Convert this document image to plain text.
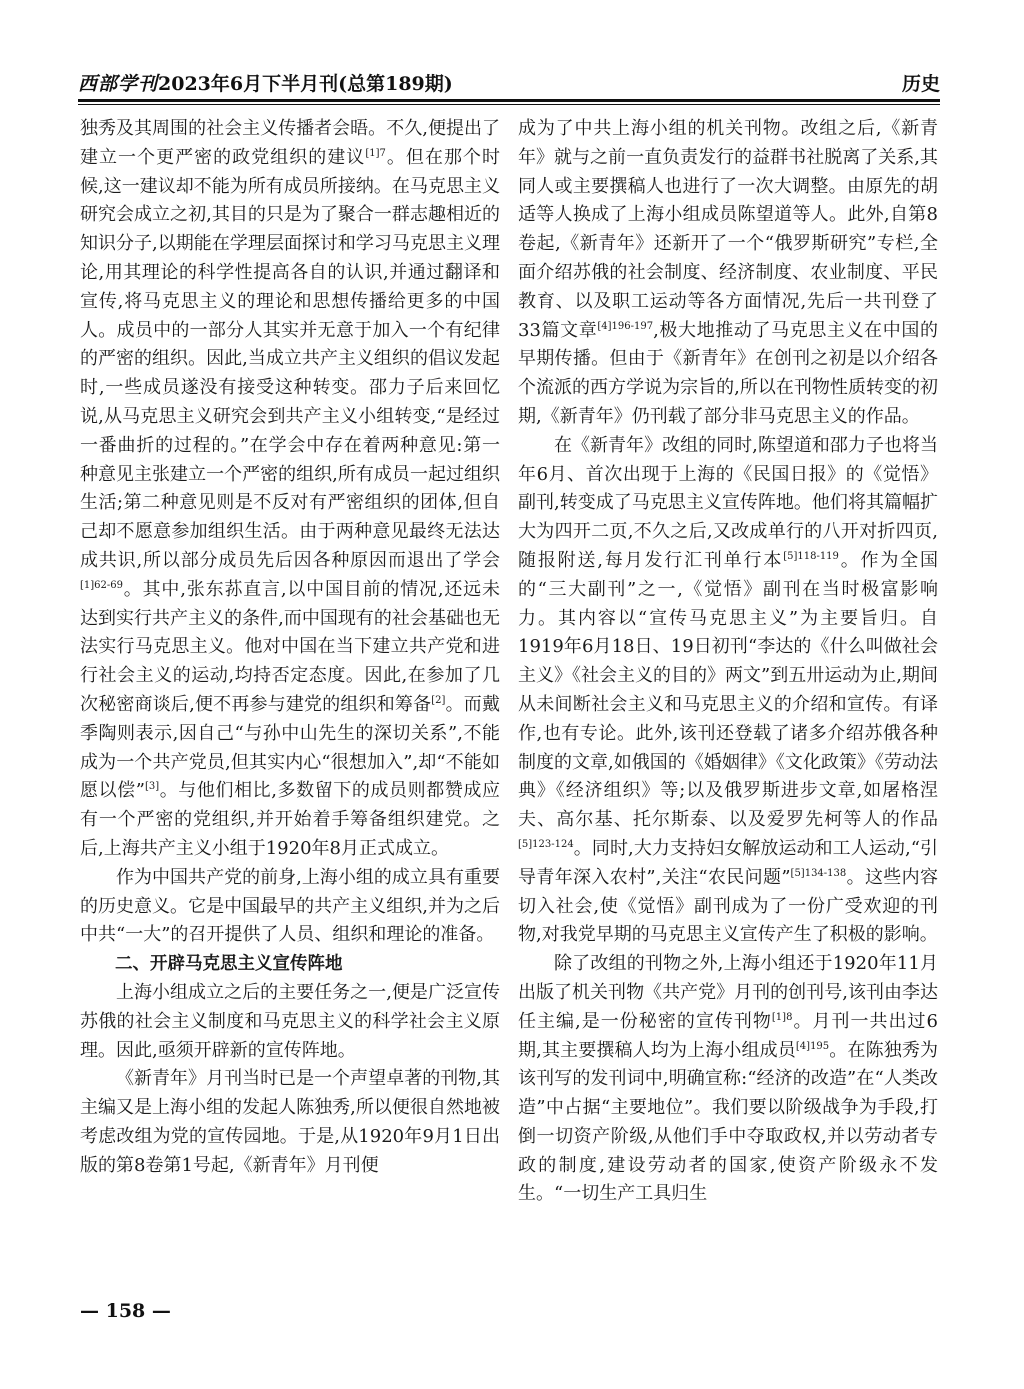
西部学刊2023年6月下半月刊(总第189期)	历史

独秀及其周围的社会主义传播者会晤。不久,便提出了建立一个更严密的政党组织的建议$^{[1]7}$。但在那个时候,这一建议却不能为所有成员所接纳。在马克思主义研究会成立之初,其目的只是为了聚合一群志趣相近的知识分子,以期能在学理层面探讨和学习马克思主义理论,用其理论的科学性提高各自的认识,并通过翻译和宣传,将马克思主义的理论和思想传播给更多的中国人。成员中的一部分人其实并无意于加入一个有纪律的严密的组织。因此,当成立共产主义组织的倡议发起时,一些成员遂没有接受这种转变。邵力子后来回忆说,从马克思主义研究会到共产主义小组转变,“是经过一番曲折的过程的。”在学会中存在着两种意见:第一种意见主张建立一个严密的组织,所有成员一起过组织生活;第二种意见则是不反对有严密组织的团体,但自己却不愿意参加组织生活。由于两种意见最终无法达成共识,所以部分成员先后因各种原因而退出了学会$^{[1]62-69}$。其中,张东荪直言,以中国目前的情况,还远未达到实行共产主义的条件,而中国现有的社会基础也无法实行马克思主义。他对中国在当下建立共产党和进行社会主义的运动,均持否定态度。因此,在参加了几次秘密商谈后,便不再参与建党的组织和筹备[2]。而戴季陶则表示,因自己“与孙中山先生的深切关系”,不能成为一个共产党员,但其实内心“很想加入”,却“不能如愿以偿”[3]。与他们相比,多数留下的成员则都赞成应有一个严密的党组织,并开始着手筹备组织建党。之后,上海共产主义小组于1920年8月正式成立。

作为中国共产党的前身,上海小组的成立具有重要的历史意义。它是中国最早的共产主义组织,并为之后中共“一大”的召开提供了人员、组织和理论的准备。

二、开辟马克思主义宣传阵地

上海小组成立之后的主要任务之一,便是广泛宣传苏俄的社会主义制度和马克思主义的科学社会主义原理。因此,亟须开辟新的宣传阵地。

《新青年》月刊当时已是一个声望卓著的刊物,其主编又是上海小组的发起人陈独秀,所以便很自然地被考虑改组为党的宣传园地。于是,从1920年9月1日出版的第8卷第1号起,《新青年》月刊便

成为了中共上海小组的机关刊物。改组之后,《新青年》就与之前一直负责发行的益群书社脱离了关系,其同人或主要撰稿人也进行了一次大调整。由原先的胡适等人换成了上海小组成员陈望道等人。此外,自第8卷起,《新青年》还新开了一个“俄罗斯研究”专栏,全面介绍苏俄的社会制度、经济制度、农业制度、平民教育、以及职工运动等各方面情况,先后一共刊登了33篇文章$^{[4]196-197}$,极大地推动了马克思主义在中国的早期传播。但由于《新青年》在创刊之初是以介绍各个流派的西方学说为宗旨的,所以在刊物性质转变的初期,《新青年》仍刊载了部分非马克思主义的作品。

在《新青年》改组的同时,陈望道和邵力子也将当年6月、首次出现于上海的《民国日报》的《觉悟》副刊,转变成了马克思主义宣传阵地。他们将其篇幅扩大为四开二页,不久之后,又改成单行的八开对折四页,随报附送,每月发行汇刊单行本$^{[5]118-119}$。作为全国的“三大副刊”之一,《觉悟》副刊在当时极富影响力。其内容以“宣传马克思主义”为主要旨归。自1919年6月18日、19日初刊“李达的《什么叫做社会主义》《社会主义的目的》两文”到五卅运动为止,期间从未间断社会主义和马克思主义的介绍和宣传。有译作,也有专论。此外,该刊还登载了诸多介绍苏俄各种制度的文章,如俄国的《婚姻律》《文化政策》《劳动法典》《经济组织》等;以及俄罗斯进步文章,如屠格涅夫、高尔基、托尔斯泰、以及爱罗先柯等人的作品$^{[5]123-124}$。同时,大力支持妇女解放运动和工人运动,“引导青年深入农村”,关注“农民问题”$^{[5]134-138}$。这些内容切入社会,使《觉悟》副刊成为了一份广受欢迎的刊物,对我党早期的马克思主义宣传产生了积极的影响。

除了改组的刊物之外,上海小组还于1920年11月出版了机关刊物《共产党》月刊的创刊号,该刊由李达任主编,是一份秘密的宣传刊物$^{[1]8}$。月刊一共出过6期,其主要撰稿人均为上海小组成员$^{[4]195}$。在陈独秀为该刊写的发刊词中,明确宣称:“经济的改造”在“人类改造”中占据“主要地位”。我们要以阶级战争为手段,打倒一切资产阶级,从他们手中夺取政权,并以劳动者专政的制度,建设劳动者的国家,使资产阶级永不发生。“一切生产工具归生

— 158 —
